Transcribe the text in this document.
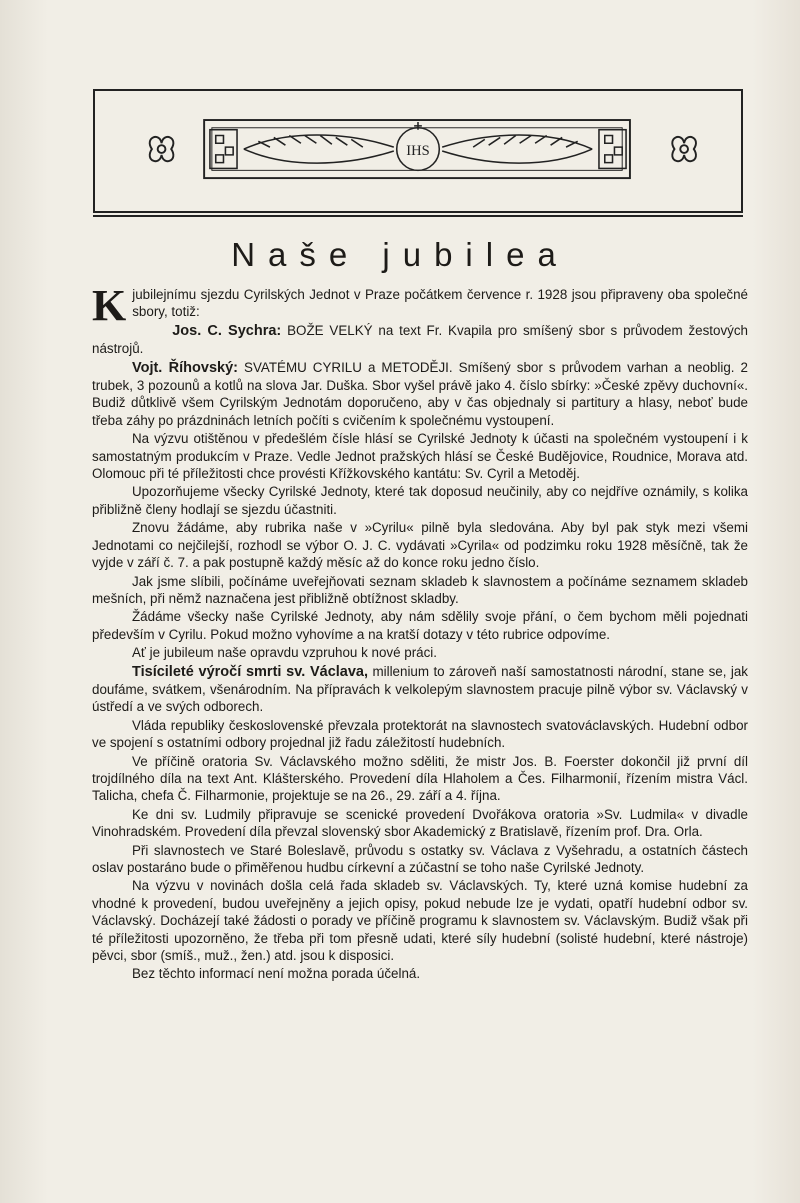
IHS
Naše jubilea

Kjubilejnímu sjezdu Cyrilských Jednot v Praze počátkem července r. 1928 jsou připraveny oba společné sbory, totiž:

Jos. C. Sychra: BOŽE VELKÝ na text Fr. Kvapila pro smíšený sbor s průvodem žestových nástrojů.

Vojt. Říhovský: SVATÉMU CYRILU a METODĚJI. Smíšený sbor s průvodem varhan a neoblig. 2 trubek, 3 pozounů a kotlů na slova Jar. Duška. Sbor vyšel právě jako 4. číslo sbírky: »České zpěvy duchovní«. Budiž důtklivě všem Cyrilským Jednotám doporučeno, aby v čas objednaly si partitury a hlasy, neboť bude třeba záhy po prázdninách letních počíti s cvičením k společnému vystoupení.

Na výzvu otištěnou v předešlém čísle hlásí se Cyrilské Jednoty k účasti na společném vystoupení i k samostatným produkcím v Praze. Vedle Jednot pražských hlásí se České Budějovice, Roudnice, Morava atd. Olomouc při té příležitosti chce provésti Křížkovského kantátu: Sv. Cyril a Metoděj.

Upozorňujeme všecky Cyrilské Jednoty, které tak doposud neučinily, aby co nejdříve oznámily, s kolika přibližně členy hodlají se sjezdu účastniti.

Znovu žádáme, aby rubrika naše v »Cyrilu« pilně byla sledována. Aby byl pak styk mezi všemi Jednotami co nejčilejší, rozhodl se výbor O. J. C. vydávati »Cyrila« od podzimku roku 1928 měsíčně, tak že vyjde v září č. 7. a pak postupně každý měsíc až do konce roku jedno číslo.

Jak jsme slíbili, počínáme uveřejňovati seznam skladeb k slavnostem a počínáme seznamem skladeb mešních, při němž naznačena jest přibližně obtížnost skladby.

Žádáme všecky naše Cyrilské Jednoty, aby nám sdělily svoje přání, o čem bychom měli pojednati především v Cyrilu. Pokud možno vyhovíme a na kratší dotazy v této rubrice odpovíme.

Ať je jubileum naše opravdu vzpruhou k nové práci.

Tisícileté výročí smrti sv. Václava, millenium to zároveň naší samostatnosti národní, stane se, jak doufáme, svátkem, všenárodním. Na přípravách k velkolepým slavnostem pracuje pilně výbor sv. Václavský v ústředí a ve svých odborech.

Vláda republiky československé převzala protektorát na slavnostech svatováclavských. Hudební odbor ve spojení s ostatními odbory projednal již řadu záležitostí hudebních.

Ve příčině oratoria Sv. Václavského možno sděliti, že mistr Jos. B. Foerster dokončil již první díl trojdílného díla na text Ant. Klášterského. Provedení díla Hlaholem a Čes. Filharmonií, řízením mistra Václ. Talicha, chefa Č. Filharmonie, projektuje se na 26., 29. září a 4. října.

Ke dni sv. Ludmily připravuje se scenické provedení Dvořákova oratoria »Sv. Ludmila« v divadle Vinohradském. Provedení díla převzal slovenský sbor Akademický z Bratislavě, řízením prof. Dra. Orla.

Při slavnostech ve Staré Boleslavě, průvodu s ostatky sv. Václava z Vyšehradu, a ostatních částech oslav postaráno bude o přiměřenou hudbu církevní a zúčastní se toho naše Cyrilské Jednoty.

Na výzvu v novinách došla celá řada skladeb sv. Václavských. Ty, které uzná komise hudební za vhodné k provedení, budou uveřejněny a jejich opisy, pokud nebude lze je vydati, opatří hudební odbor sv. Václavský. Docházejí také žádosti o porady ve příčině programu k slavnostem sv. Václavským. Budiž však při té příležitosti upozorněno, že třeba při tom přesně udati, které síly hudební (solisté hudební, které nástroje) pěvci, sbor (smíš., muž., žen.) atd. jsou k disposici.

Bez těchto informací není možna porada účelná.
